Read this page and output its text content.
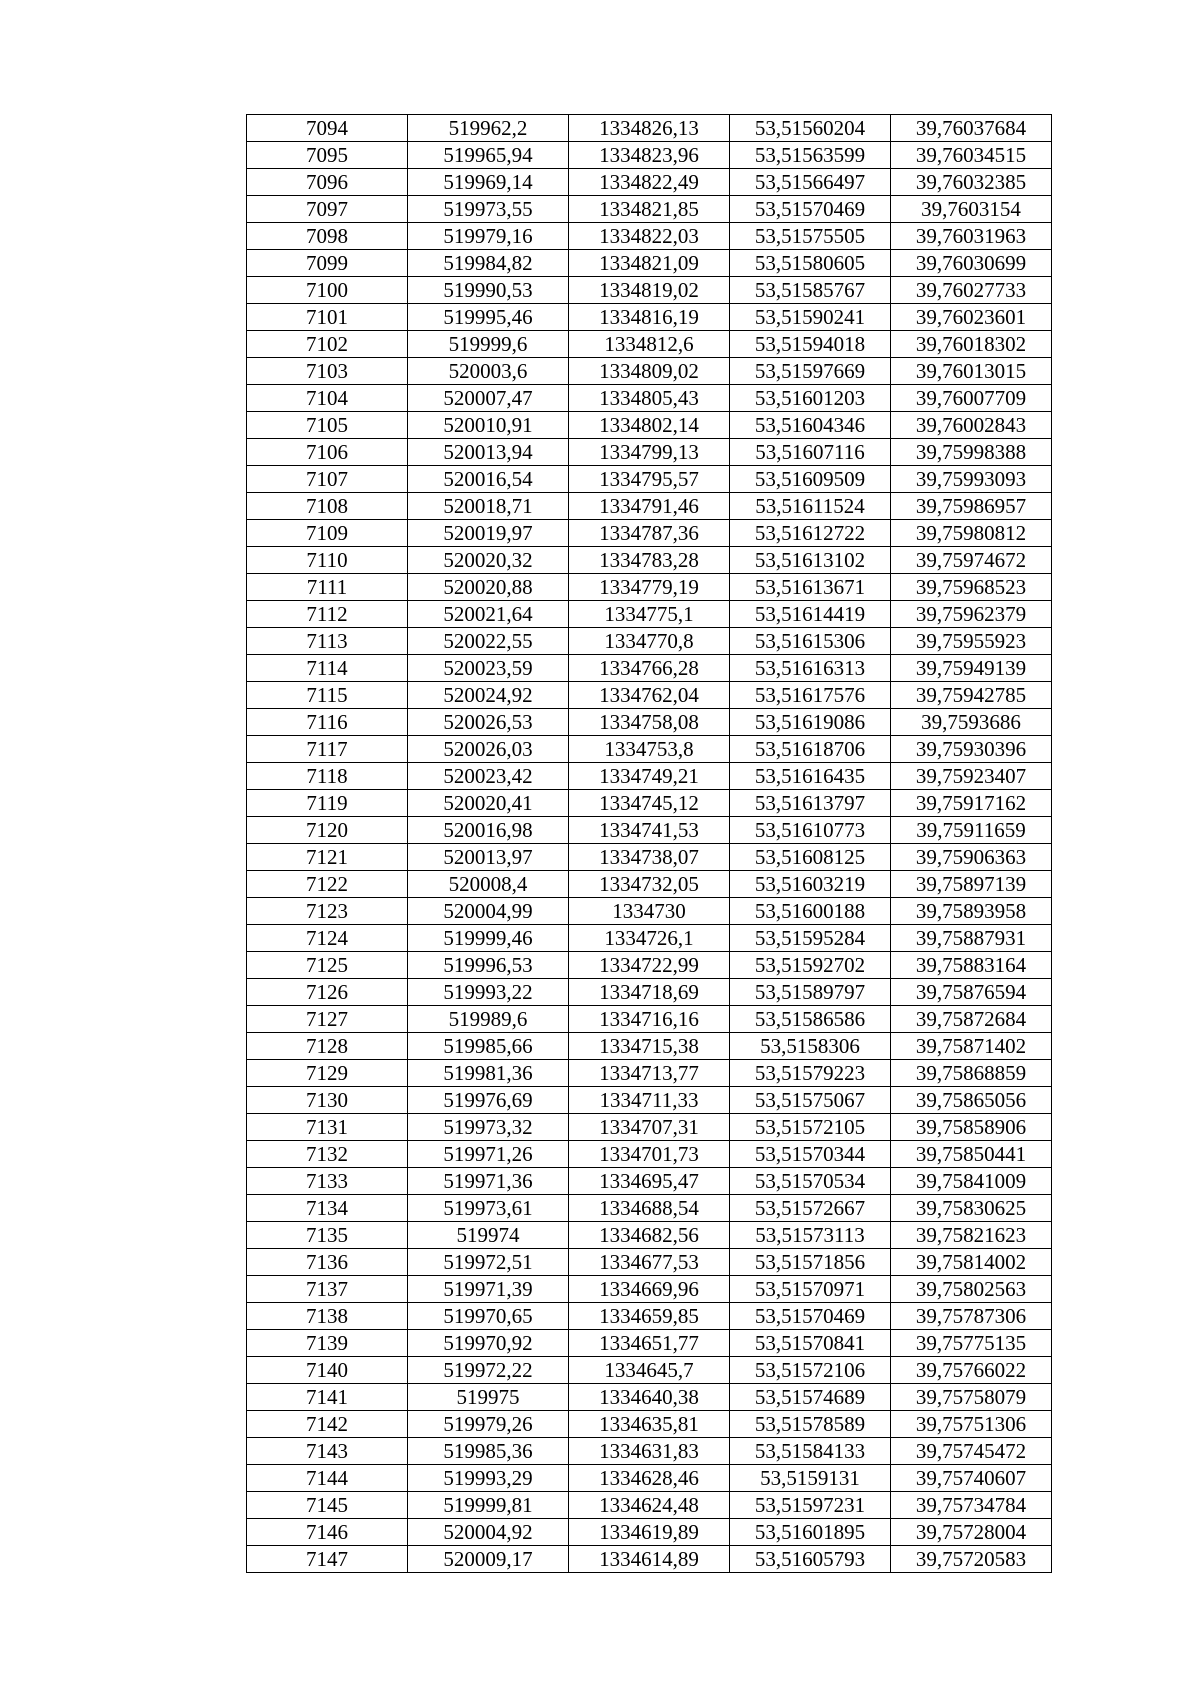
7094	519962,2	1334826,13	53,51560204	39,76037684
7095	519965,94	1334823,96	53,51563599	39,76034515
7096	519969,14	1334822,49	53,51566497	39,76032385
7097	519973,55	1334821,85	53,51570469	39,7603154
7098	519979,16	1334822,03	53,51575505	39,76031963
7099	519984,82	1334821,09	53,51580605	39,76030699
7100	519990,53	1334819,02	53,51585767	39,76027733
7101	519995,46	1334816,19	53,51590241	39,76023601
7102	519999,6	1334812,6	53,51594018	39,76018302
7103	520003,6	1334809,02	53,51597669	39,76013015
7104	520007,47	1334805,43	53,51601203	39,76007709
7105	520010,91	1334802,14	53,51604346	39,76002843
7106	520013,94	1334799,13	53,51607116	39,75998388
7107	520016,54	1334795,57	53,51609509	39,75993093
7108	520018,71	1334791,46	53,51611524	39,75986957
7109	520019,97	1334787,36	53,51612722	39,75980812
7110	520020,32	1334783,28	53,51613102	39,75974672
7111	520020,88	1334779,19	53,51613671	39,75968523
7112	520021,64	1334775,1	53,51614419	39,75962379
7113	520022,55	1334770,8	53,51615306	39,75955923
7114	520023,59	1334766,28	53,51616313	39,75949139
7115	520024,92	1334762,04	53,51617576	39,75942785
7116	520026,53	1334758,08	53,51619086	39,7593686
7117	520026,03	1334753,8	53,51618706	39,75930396
7118	520023,42	1334749,21	53,51616435	39,75923407
7119	520020,41	1334745,12	53,51613797	39,75917162
7120	520016,98	1334741,53	53,51610773	39,75911659
7121	520013,97	1334738,07	53,51608125	39,75906363
7122	520008,4	1334732,05	53,51603219	39,75897139
7123	520004,99	1334730	53,51600188	39,75893958
7124	519999,46	1334726,1	53,51595284	39,75887931
7125	519996,53	1334722,99	53,51592702	39,75883164
7126	519993,22	1334718,69	53,51589797	39,75876594
7127	519989,6	1334716,16	53,51586586	39,75872684
7128	519985,66	1334715,38	53,5158306	39,75871402
7129	519981,36	1334713,77	53,51579223	39,75868859
7130	519976,69	1334711,33	53,51575067	39,75865056
7131	519973,32	1334707,31	53,51572105	39,75858906
7132	519971,26	1334701,73	53,51570344	39,75850441
7133	519971,36	1334695,47	53,51570534	39,75841009
7134	519973,61	1334688,54	53,51572667	39,75830625
7135	519974	1334682,56	53,51573113	39,75821623
7136	519972,51	1334677,53	53,51571856	39,75814002
7137	519971,39	1334669,96	53,51570971	39,75802563
7138	519970,65	1334659,85	53,51570469	39,75787306
7139	519970,92	1334651,77	53,51570841	39,75775135
7140	519972,22	1334645,7	53,51572106	39,75766022
7141	519975	1334640,38	53,51574689	39,75758079
7142	519979,26	1334635,81	53,51578589	39,75751306
7143	519985,36	1334631,83	53,51584133	39,75745472
7144	519993,29	1334628,46	53,5159131	39,75740607
7145	519999,81	1334624,48	53,51597231	39,75734784
7146	520004,92	1334619,89	53,51601895	39,75728004
7147	520009,17	1334614,89	53,51605793	39,75720583
